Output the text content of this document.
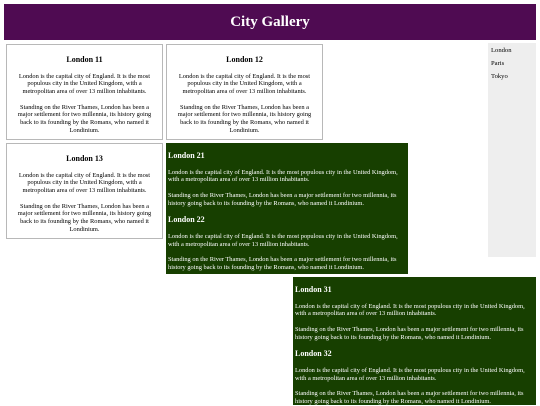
City Gallery
London 11

London is the capital city of England. It is the most populous city in the United Kingdom, with a metropolitan area of over 13 million inhabitants.

Standing on the River Thames, London has been a major settlement for two millennia, its history going back to its founding by the Romans, who named it Londinium.

London 12

London is the capital city of England. It is the most populous city in the United Kingdom, with a metropolitan area of over 13 million inhabitants.

Standing on the River Thames, London has been a major settlement for two millennia, its history going back to its founding by the Romans, who named it Londinium.

London 13

London is the capital city of England. It is the most populous city in the United Kingdom, with a metropolitan area of over 13 million inhabitants.

Standing on the River Thames, London has been a major settlement for two millennia, its history going back to its founding by the Romans, who named it Londinium.

London 21

London is the capital city of England. It is the most populous city in the United Kingdom, with a metropolitan area of over 13 million inhabitants.

Standing on the River Thames, London has been a major settlement for two millennia, its history going back to its founding by the Romans, who named it Londinium.

London 22

London is the capital city of England. It is the most populous city in the United Kingdom, with a metropolitan area of over 13 million inhabitants.

Standing on the River Thames, London has been a major settlement for two millennia, its history going back to its founding by the Romans, who named it Londinium.

London 31

London is the capital city of England. It is the most populous city in the United Kingdom, with a metropolitan area of over 13 million inhabitants.

Standing on the River Thames, London has been a major settlement for two millennia, its history going back to its founding by the Romans, who named it Londinium.

London 32

London is the capital city of England. It is the most populous city in the United Kingdom, with a metropolitan area of over 13 million inhabitants.

Standing on the River Thames, London has been a major settlement for two millennia, its history going back to its founding by the Romans, who named it Londinium.

London
Paris
Tokyo
